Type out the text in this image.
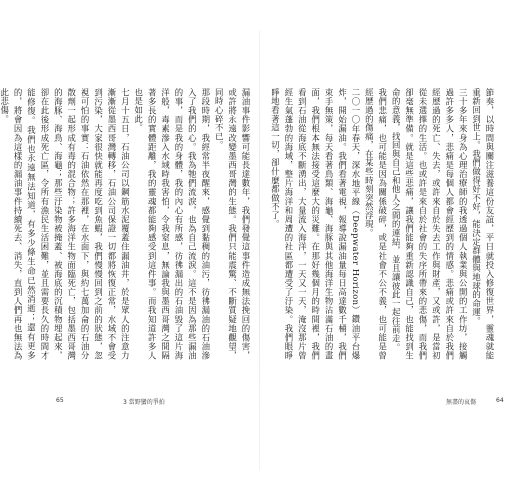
漏油事件影響可能長達數年，我們發覺這事件造成無法挽回的傷害，或許將永遠改變墨西哥灣的生態。我們只能震驚、不斷質疑地觀望，同時心碎不已。

那段時期，我經常半夜醒來，感覺到黏稠的油污，彷彿漏油的石油滲入了我們的心。我為牠們流淚，也為自己流淚。這不是因為那些漏油的事，而是我的身體，我的內心有所感，彷彿漏出的石油毀了這片海洋般，毒素滲入水域時我害怕，令我窒息，無論我與墨西哥灣之間隔著多長的實體距離，我的靈魂都能夠感受到這件事。而我知道許多人也是如此。

七月十五日，石油公司以鋼筋水泥覆蓋住漏油井，於是眾人的注意力漸漸從墨西哥灣轉移，石油公司保證一切都將恢復正常，水域不會受到污染，大家很快就能再度吃到魚蝦，我們慢慢回到之前的狀態，忽視可怕的事實：石油依然在那裡，在水面下，與約七萬加侖的石油分散劑一起形成有毒的混合物；許多海洋生物面臨死亡，包括墨西哥灣的海豚、海鳥、海龜；那些汙染物被掩蓋、被海底的沉積物埋起來，卻在此後形成死亡區，令所有漁民生活困難，並且需要長久的時間才能修復。我們也永遠無法知道，有多少條生命已然消逝；還有更多的，將會因為這樣的漏油事件持續死去、消失，直到人們再也無法為此悲傷。

65	3 當野蠻的爭拍

節奏，以時間與關注滋養這份友誼，平日就投入修復世界，靈魂就能重新回到世上。我們做得好不好，能決定群體與地球的命運。

三十多年來身為心理治療師的我透過個人執業與公開的工作坊，接觸過許多多人，悲痛是每個人都會經歷到的情感。悲痛或許來自於我們經歷過的死亡、失去，或許來自於失去工作與財產，又或許，是當初從未選擇的生活。也或許是來自於社會的失序所帶來的悲傷，而我們卻毫無準備。就是這些悲痛，讓我們能夠重新認識自己，也能找到生命的意義，找回與自己和他人之間的連結，並且讓彼此一起往前走。

我們悲痛，也可能是因為關係破碎，或是社會不公不義，也可能是曾經歷過的傷痛，在某些時刻突然浮現。

二〇一〇年春天，深水地平線（Deepwater Horizon）鑽油平台爆炸，開始漏油。我們看著電視，報導說漏油量每日高達數千桶，我們束手無策，每天看著鳥類、海龜、海豚與其他海洋生物沾滿石油的畫面，我們根本無法接受這麼大的災難。在那好幾個月的時間裡，我們看到石油從海底不斷湧出，大量流入海洋，一天又一天，淹沒那片曾經生氣蓬勃的海域，整片海洋和周遭的社區都遭受了汙染。我們眼睜睜地看著這一切，卻什麼都做不了。

無盡的哀傷	64
